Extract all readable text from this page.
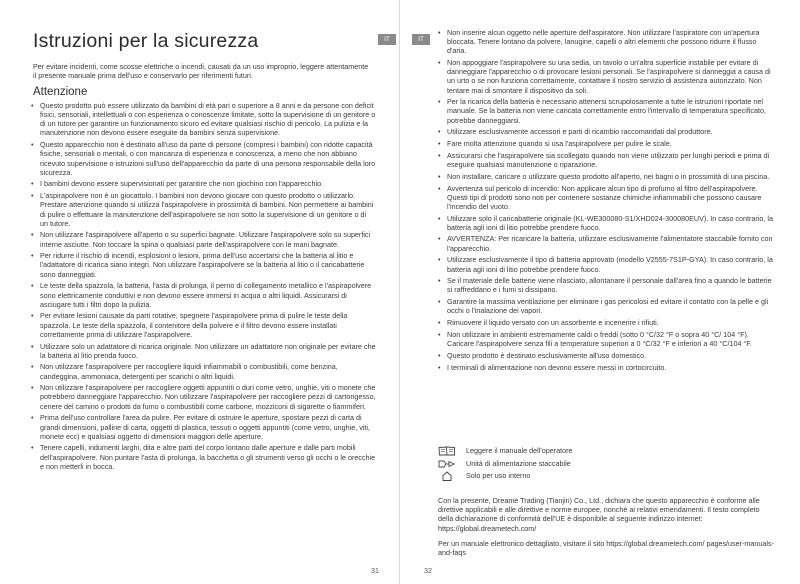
Istruzioni per la sicurezza	IT

Per evitare incidenti, come scosse elettriche o incendi, causati da un uso improprio, leggere attentamente il presente manuale prima dell'uso e conservarlo per riferimenti futuri.

Attenzione
• Questo prodotto può essere utilizzato da bambini di età pari o superiore a 8 anni e da persone con deficit fisici, sensoriali, intellettuali o con esperienza o conoscenze limitate, sotto la supervisione di un genitore o di un tutore per garantire un funzionamento sicuro ed evitare qualsiasi rischio di pericolo. La pulizia e la manutenzione non devono essere eseguite da bambini senza supervisione.
• Questo apparecchio non è destinato all'uso da parte di persone (compresi i bambini) con ridotte capacità fisiche, sensoriali o mentali, o con mancanza di esperienza e conoscenza, a meno che non abbiano ricevuto supervisione o istruzioni sull'uso dell'apparecchio da parte di una persona responsabile della loro sicurezza.
• I bambini devono essere supervisionati per garantire che non giochino con l'apparecchio.
• L'aspirapolvere non è un giocattolo. I bambini non devono giocare con questo prodotto o utilizzarlo. Prestare attenzione quando si utilizza l'aspirapolvere in prossimità di bambini. Non permettere ai bambini di pulire o effettuare la manutenzione dell'aspirapolvere se non sotto la supervisione di un genitore o di un tutore.
• Non utilizzare l'aspirapolvere all'aperto o su superfici bagnate. Utilizzare l'aspirapolvere solo su superfici interne asciutte. Non toccare la spina o qualsiasi parte dell'aspirapolvere con le mani bagnate.
• Per ridurre il rischio di incendi, esplosioni o lesioni, prima dell'uso accertarsi che la batteria al litio e l'adattatore di ricarica siano integri. Non utilizzare l'aspirapolvere se la batteria al litio o il caricabatterie sono danneggiati.
• Le teste della spazzola, la batteria, l'asta di prolunga, il perno di collegamento metallico e l'aspirapolvere sono elettricamente conduttivi e non devono essere immersi in acqua o altri liquidi. Assicurarsi di asciugare tutti i filtri dopo la pulizia.
• Per evitare lesioni causate da parti rotative, spegnere l'aspirapolvere prima di pulire le teste della spazzola. Le teste della spazzola, il contenitore della polvere e il filtro devono essere installati correttamente prima di utilizzare l'aspirapolvere.
• Utilizzare solo un adattatore di ricarica originale. Non utilizzare un adattatore non originale per evitare che la batteria al litio prenda fuoco.
• Non utilizzare l'aspirapolvere per raccogliere liquidi infiammabili o combustibili, come benzina, candeggina, ammoniaca, detergenti per scarichi o altri liquidi.
• Non utilizzare l'aspirapolvere per raccogliere oggetti appuntiti o duri come vetro, unghie, viti o monete che potrebbero danneggiare l'apparecchio. Non utilizzare l'aspirapolvere per raccogliere pezzi di cartongesso, cenere del camino o prodotti da fumo o combustibili come carbone, mozziconi di sigarette o fiammiferi.
• Prima dell'uso controllare l'area da pulire. Per evitare di ostruire le aperture, spostare pezzi di carta di grandi dimensioni, palline di carta, oggetti di plastica, tessuti o oggetti appuntiti (come vetro, unghie, viti, monete ecc) e qualsiasi oggetto di dimensioni maggiori delle aperture.
• Tenere capelli, indumenti larghi, dita e altre parti del corpo lontano dalle aperture e dalle parti mobili dell'aspirapolvere. Non puntare l'asta di prolunga, la bacchetta o gli strumenti verso gli occhi o le orecchie e non metterli in bocca.
31
IT
• Non inserire alcun oggetto nelle aperture dell'aspiratore. Non utilizzare l'aspiratore con un'apertura bloccata. Tenere lontano da polvere, lanugine, capelli o altri elementi che possono ridurre il flusso d'aria.
• Non appoggiare l'aspirapolvere su una sedia, un tavolo o un'altra superficie instabile per evitare di danneggiare l'apparecchio o di provocare lesioni personali. Se l'aspirapolvere si danneggia a causa di un urto o se non funziona correttamente, contattare il nostro servizio di assistenza autorizzato. Non tentare mai di smontare il dispositivo da soli.
• Per la ricarica della batteria è necessario attenersi scrupolosamente a tutte le istruzioni riportate nel manuale. Se la batteria non viene caricata correttamente entro l'intervallo di temperatura specificato, potrebbe danneggiarsi.
• Utilizzare esclusivamente accessori e parti di ricambio raccomandati dal produttore.
• Fare molta attenzione quando si usa l'aspirapolvere per pulire le scale.
• Assicurarsi che l'aspirapolvere sia scollegato quando non viene utilizzato per lunghi periodi e prima di eseguire qualsiasi manutenzione o riparazione.
• Non installare, caricare o utilizzare questo prodotto all'aperto, nei bagni o in prossimità di una piscina.
• Avvertenza sul pericolo di incendio: Non applicare alcun tipo di profumo al filtro dell'aspirapolvere. Questi tipi di prodotti sono noti per contenere sostanze chimiche infiammabili che possono causare l'incendio del vuoto.
• Utilizzare solo il caricabatterie originale (KL-WE300080-S1/XHD024-300080EUV). In caso contrario, la batteria agli ioni di litio potrebbe prendere fuoco.
• AVVERTENZA: Per ricaricare la batteria, utilizzare esclusivamente l'alimentatore staccabile fornito con l'apparecchio.
• Utilizzare esclusivamente il tipo di batteria approvato (modello V2555-7S1P-GYA). In caso contrario, la batteria agli ioni di litio potrebbe prendere fuoco.
• Se il materiale delle batterie viene rilasciato, allontanare il personale dall'area fino a quando le batterie si raffreddano e i fumi si dissipano.
• Garantire la massima ventilazione per eliminare i gas pericolosi ed evitare il contatto con la pelle e gli occhi o l'inalazione dei vapori.
• Rimuovere il liquido versato con un assorbente e incenerire i rifiuti.
• Non utilizzare in ambienti estremamente caldi o freddi (sotto 0 °C/32 °F o sopra 40 °C/ 104 °F). Caricare l'aspirapolvere senza fili a temperature superiori a 0 °C/32 °F e inferiori a 40 °C/104 °F.
• Questo prodotto è destinato esclusivamente all'uso domestico.
• I terminali di alimentazione non devono essere messi in cortocircuito.
Leggere il manuale dell'operatore
Unità di alimentazione staccabile
Solo per uso interno

Con la presente, Dreame Trading (Tianjin) Co., Ltd., dichiara che questo apparecchio è conforme alle direttive applicabili e alle direttive e norme europee, nonché ai relativi emendamenti. Il testo completo della dichiarazione di conformità dell'UE è disponibile al seguente indirizzo internet: https://global.dreametech.com/

Per un manuale elettronico dettagliato, visitare il sito https://global.dreametech.com/ pages/user-manuals-and-faqs

32
